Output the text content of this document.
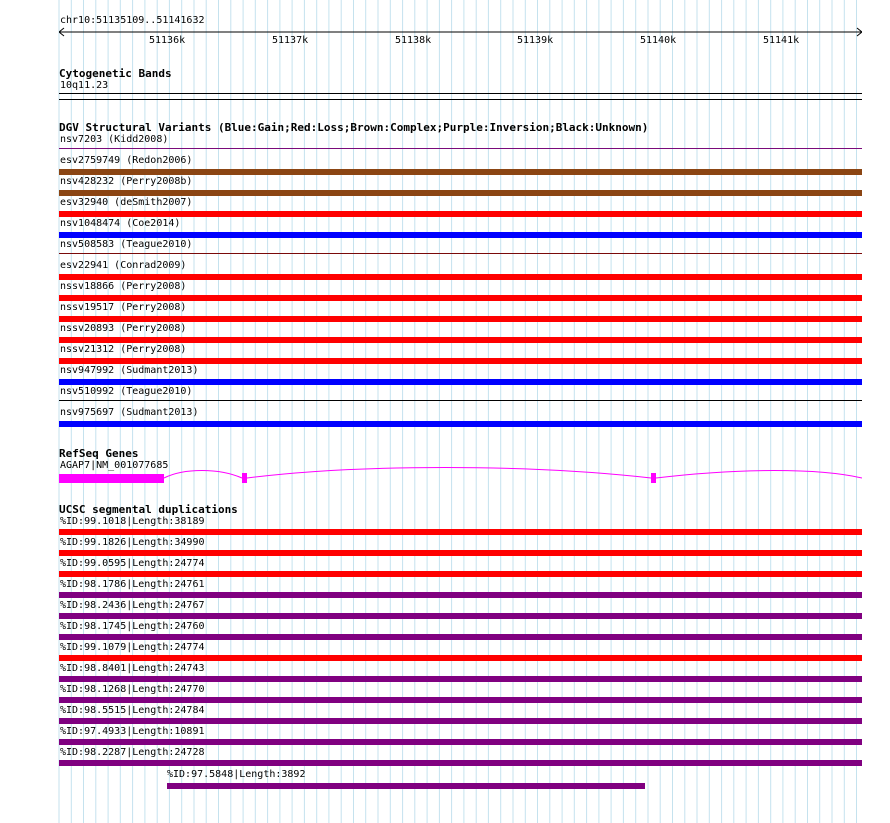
chr10:51135109..51141632
51136k	51137k	51138k	51139k	51140k	51141k
Cytogenetic Bands
10q11.23
DGV Structural Variants (Blue:Gain;Red:Loss;Brown:Complex;Purple:Inversion;Black:Unknown)
nsv7203 (Kidd2008)
esv2759749 (Redon2006)
nsv428232 (Perry2008b)
esv32940 (deSmith2007)
nsv1048474 (Coe2014)
nsv508583 (Teague2010)
esv22941 (Conrad2009)
nssv18866 (Perry2008)
nssv19517 (Perry2008)
nssv20893 (Perry2008)
nssv21312 (Perry2008)
nsv947992 (Sudmant2013)
nsv510992 (Teague2010)
nsv975697 (Sudmant2013)
RefSeq Genes
AGAP7|NM_001077685
UCSC segmental duplications
%ID:99.1018|Length:38189
%ID:99.1826|Length:34990
%ID:99.0595|Length:24774
%ID:98.1786|Length:24761
%ID:98.2436|Length:24767
%ID:98.1745|Length:24760
%ID:99.1079|Length:24774
%ID:98.8401|Length:24743
%ID:98.1268|Length:24770
%ID:98.5515|Length:24784
%ID:97.4933|Length:10891
%ID:98.2287|Length:24728
%ID:97.5848|Length:3892
